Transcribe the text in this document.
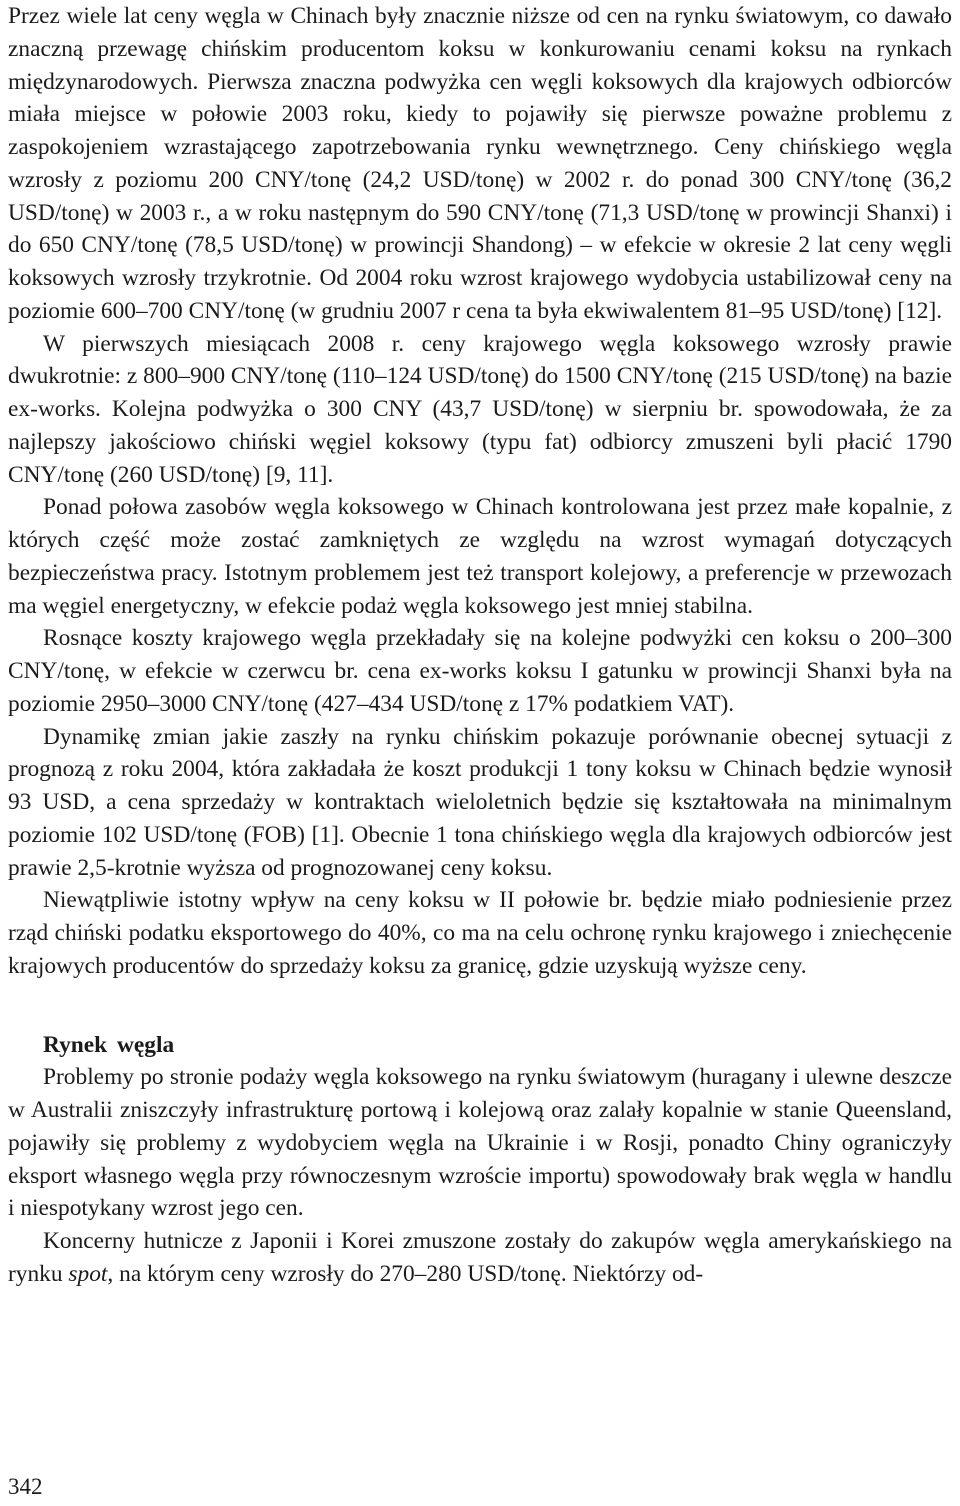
Przez wiele lat ceny węgla w Chinach były znacznie niższe od cen na rynku światowym, co dawało znaczną przewagę chińskim producentom koksu w konkurowaniu cenami koksu na rynkach międzynarodowych. Pierwsza znaczna podwyżka cen węgli koksowych dla krajowych odbiorców miała miejsce w połowie 2003 roku, kiedy to pojawiły się pierwsze poważne problemu z zaspokojeniem wzrastającego zapotrzebowania rynku wewnętrznego. Ceny chińskiego węgla wzrosły z poziomu 200 CNY/tonę (24,2 USD/tonę) w 2002 r. do ponad 300 CNY/tonę (36,2 USD/tonę) w 2003 r., a w roku następnym do 590 CNY/tonę (71,3 USD/tonę w prowincji Shanxi) i do 650 CNY/tonę (78,5 USD/tonę) w prowincji Shandong) – w efekcie w okresie 2 lat ceny węgli koksowych wzrosły trzykrotnie. Od 2004 roku wzrost krajowego wydobycia ustabilizował ceny na poziomie 600–700 CNY/tonę (w grudniu 2007 r cena ta była ekwiwalentem 81–95 USD/tonę) [12].

W pierwszych miesiącach 2008 r. ceny krajowego węgla koksowego wzrosły prawie dwukrotnie: z 800–900 CNY/tonę (110–124 USD/tonę) do 1500 CNY/tonę (215 USD/tonę) na bazie ex-works. Kolejna podwyżka o 300 CNY (43,7 USD/tonę) w sierpniu br. spowodowała, że za najlepszy jakościowo chiński węgiel koksowy (typu fat) odbiorcy zmuszeni byli płacić 1790 CNY/tonę (260 USD/tonę) [9, 11].

Ponad połowa zasobów węgla koksowego w Chinach kontrolowana jest przez małe kopalnie, z których część może zostać zamkniętych ze względu na wzrost wymagań dotyczących bezpieczeństwa pracy. Istotnym problemem jest też transport kolejowy, a preferencje w przewozach ma węgiel energetyczny, w efekcie podaż węgla koksowego jest mniej stabilna.

Rosnące koszty krajowego węgla przekładały się na kolejne podwyżki cen koksu o 200–300 CNY/tonę, w efekcie w czerwcu br. cena ex-works koksu I gatunku w prowincji Shanxi była na poziomie 2950–3000 CNY/tonę (427–434 USD/tonę z 17% podatkiem VAT).

Dynamikę zmian jakie zaszły na rynku chińskim pokazuje porównanie obecnej sytuacji z prognozą z roku 2004, która zakładała że koszt produkcji 1 tony koksu w Chinach będzie wynosił 93 USD, a cena sprzedaży w kontraktach wieloletnich będzie się kształtowała na minimalnym poziomie 102 USD/tonę (FOB) [1]. Obecnie 1 tona chińskiego węgla dla krajowych odbiorców jest prawie 2,5-krotnie wyższa od prognozowanej ceny koksu.

Niewątpliwie istotny wpływ na ceny koksu w II połowie br. będzie miało podniesienie przez rząd chiński podatku eksportowego do 40%, co ma na celu ochronę rynku krajowego i zniechęcenie krajowych producentów do sprzedaży koksu za granicę, gdzie uzyskują wyższe ceny.

Rynek węgla

Problemy po stronie podaży węgla koksowego na rynku światowym (huragany i ulewne deszcze w Australii zniszczyły infrastrukturę portową i kolejową oraz zalały kopalnie w stanie Queensland, pojawiły się problemy z wydobyciem węgla na Ukrainie i w Rosji, ponadto Chiny ograniczyły eksport własnego węgla przy równoczesnym wzroście importu) spowodowały brak węgla w handlu i niespotykany wzrost jego cen.

Koncerny hutnicze z Japonii i Korei zmuszone zostały do zakupów węgla amerykańskiego na rynku spot, na którym ceny wzrosły do 270–280 USD/tonę. Niektórzy od-

342
